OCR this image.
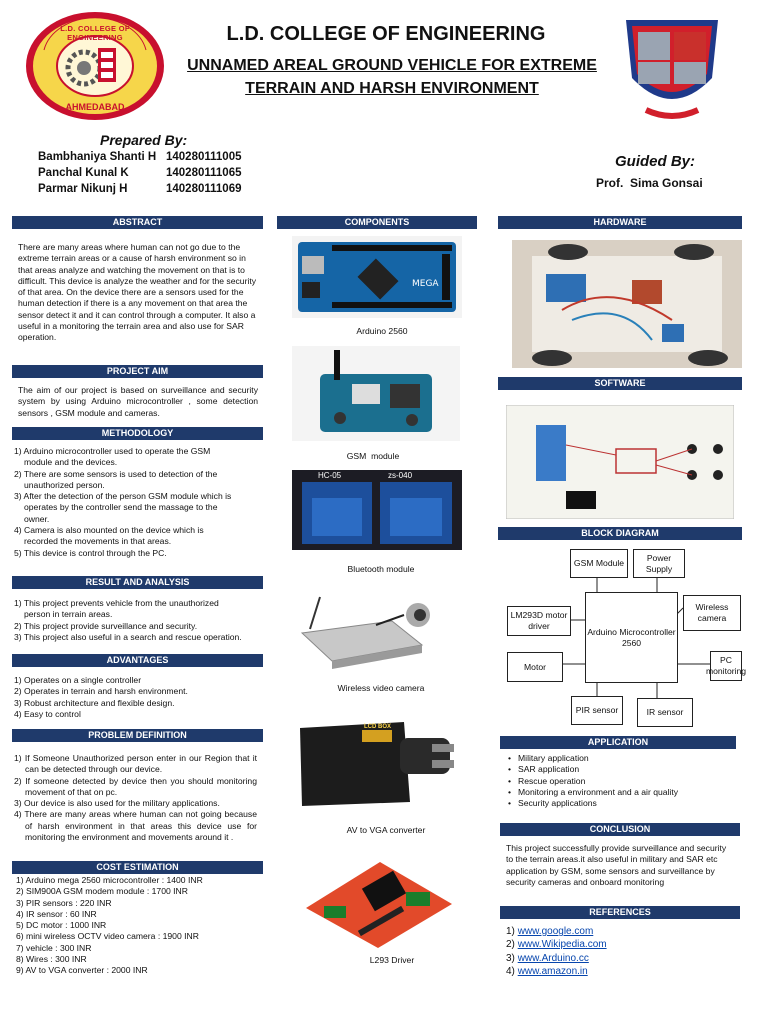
L.D. COLLEGE OF ENGINEERING
AHMEDABAD
L.D. COLLEGE OF ENGINEERING
UNNAMED AREAL GROUND VEHICLE FOR EXTREME
TERRAIN AND HARSH ENVIRONMENT
Prepared By:
Bambhaniya Shanti H 140280111005
Panchal Kunal K	140280111065
Parmar Nikunj H	140280111069
Guided By:
Prof.  Sima Gonsai
ABSTRACT
There are many areas where human can not go due to the extreme terrain areas or a cause of harsh environment so in that areas analyze and watching the movement on that is to difficult. This device is analyze the weather and for the security of that area. On the device there are a sensors used for the human detection if there is a any movement on that area the sensor detect it and it can control through a computer. It also a useful in a monitoring the terrain area and also use for SAR operation.
PROJECT AIM
The aim of our project is based on surveillance and security system by using Arduino microcontroller , some detection sensors , GSM module and cameras.
METHODOLOGY
1) Arduino microcontroller used to operate the GSM module and the devices.
2) There are some sensors is used to detection of the unauthorized person.
3) After the detection of the person GSM module which is operates by the controller send the massage to the owner.
4) Camera is also mounted on the device which is recorded the movements in that areas.
5) This device is control through the PC.
RESULT AND ANALYSIS
1) This project prevents vehicle from the unauthorized person in terrain areas.
2) This project provide surveillance and security.
3) This project also useful in a search and rescue operation.
ADVANTAGES
1) Operates on a single controller
2) Operates in terrain and harsh environment.
3) Robust architecture and flexible design.
4) Easy to control
PROBLEM DEFINITION
1) If Someone Unauthorized person enter in our Region that it can be detected through our device.
2) If someone detected by device then you should monitoring movement of that on pc.
3) Our device is also used for the military applications.
4) There are many areas where human can not going because of harsh environment in that areas this device use for monitoring the environment and movements around it .
COST ESTIMATION
1) Arduino mega 2560 microcontroller : 1400 INR
2) SIM900A GSM modem module : 1700 INR
3) PIR sensors : 220 INR
4) IR sensor : 60 INR
5) DC motor : 1000 INR
6) mini wireless OCTV video camera : 1900 INR
7) vehicle : 300 INR
8) Wires : 300 INR
9) AV to VGA converter : 2000 INR
COMPONENTS
MEGA
Arduino 2560
GSM  module
HC-05	zs-040
Bluetooth module
Wireless video camera
LCD BOX
AV to VGA converter
L293 Driver
HARDWARE
SOFTWARE
BLOCK DIAGRAM
GSM Module
Power Supply
LM293D motor driver
Arduino Microcontroller 2560
Wireless camera
Motor
PC monitoring
PIR sensor	IR sensor
APPLICATION
• Military application
• SAR application
• Rescue operation
• Monitoring a environment and a air quality
• Security applications
CONCLUSION
This project successfully provide surveillance and security to the terrain areas.it also useful in military and SAR etc application by GSM, some sensors and surveillance by security cameras and onboard monitoring
REFERENCES
1) www.google.com
2) www.Wikipedia.com
3) www.Arduino.cc
4) www.amazon.in
